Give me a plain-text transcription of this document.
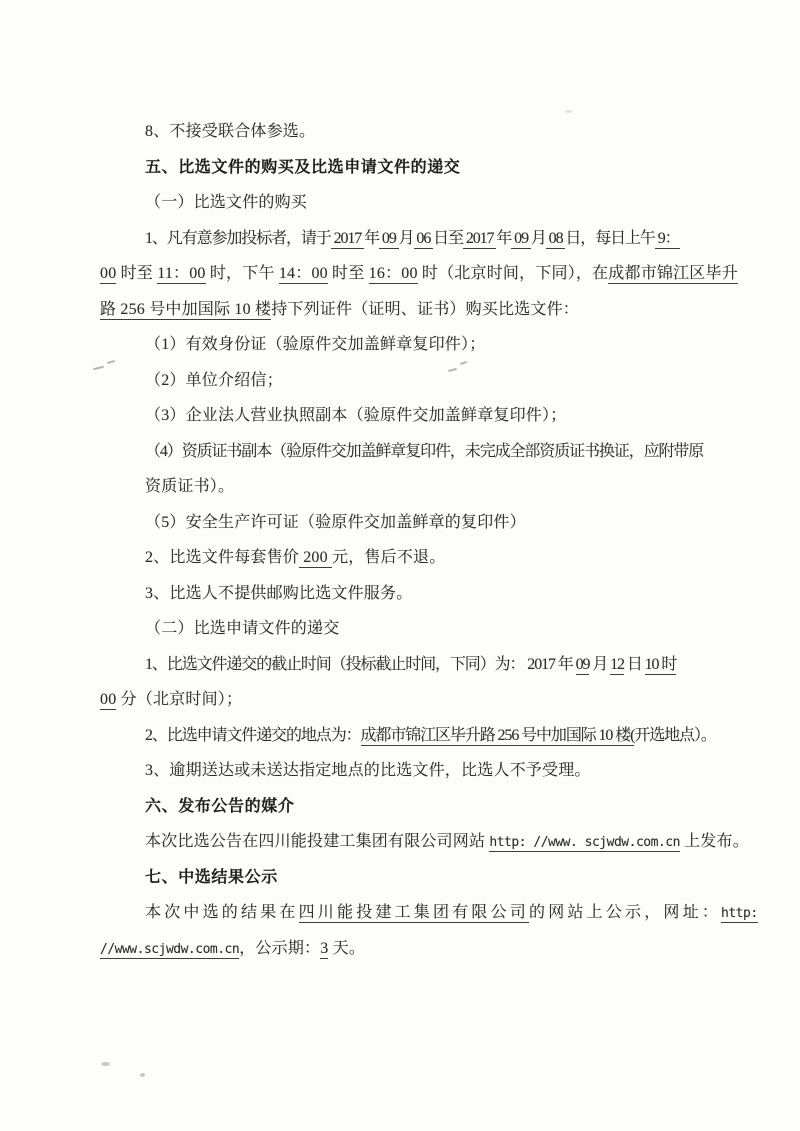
8、不接受联合体参选。
五、比选文件的购买及比选申请文件的递交
（一）比选文件的购买
1、凡有意参加投标者，请于 2017 年 09 月 06 日至 2017 年 09 月 08 日，每日上午 9：
00 时至 11：00 时，下午 14：00 时至 16：00 时（北京时间，下同），在成都市锦江区毕升
路 256 号中加国际 10 楼持下列证件（证明、证书）购买比选文件：
（1）有效身份证（验原件交加盖鲜章复印件）；
（2）单位介绍信；
（3）企业法人营业执照副本（验原件交加盖鲜章复印件）；
（4）资质证书副本（验原件交加盖鲜章复印件，未完成全部资质证书换证，应附带原
资质证书）。
（5）安全生产许可证（验原件交加盖鲜章的复印件）
2、比选文件每套售价 200 元，售后不退。
3、比选人不提供邮购比选文件服务。
（二）比选申请文件的递交
1、比选文件递交的截止时间（投标截止时间，下同）为： 2017 年 09 月 12 日 10 时
00 分（北京时间）；
2、比选申请文件递交的地点为：成都市锦江区毕升路 256 号中加国际 10 楼(开选地点）。
3、逾期送达或未送达指定地点的比选文件，比选人不予受理。
六、发布公告的媒介
本次比选公告在四川能投建工集团有限公司网站 http: //www. scjwdw.com.cn 上发布。
七、中选结果公示
本次中选的结果在四川能投建工集团有限公司的网站上公示，网址：http:
//www.scjwdw.com.cn，公示期：3 天。
